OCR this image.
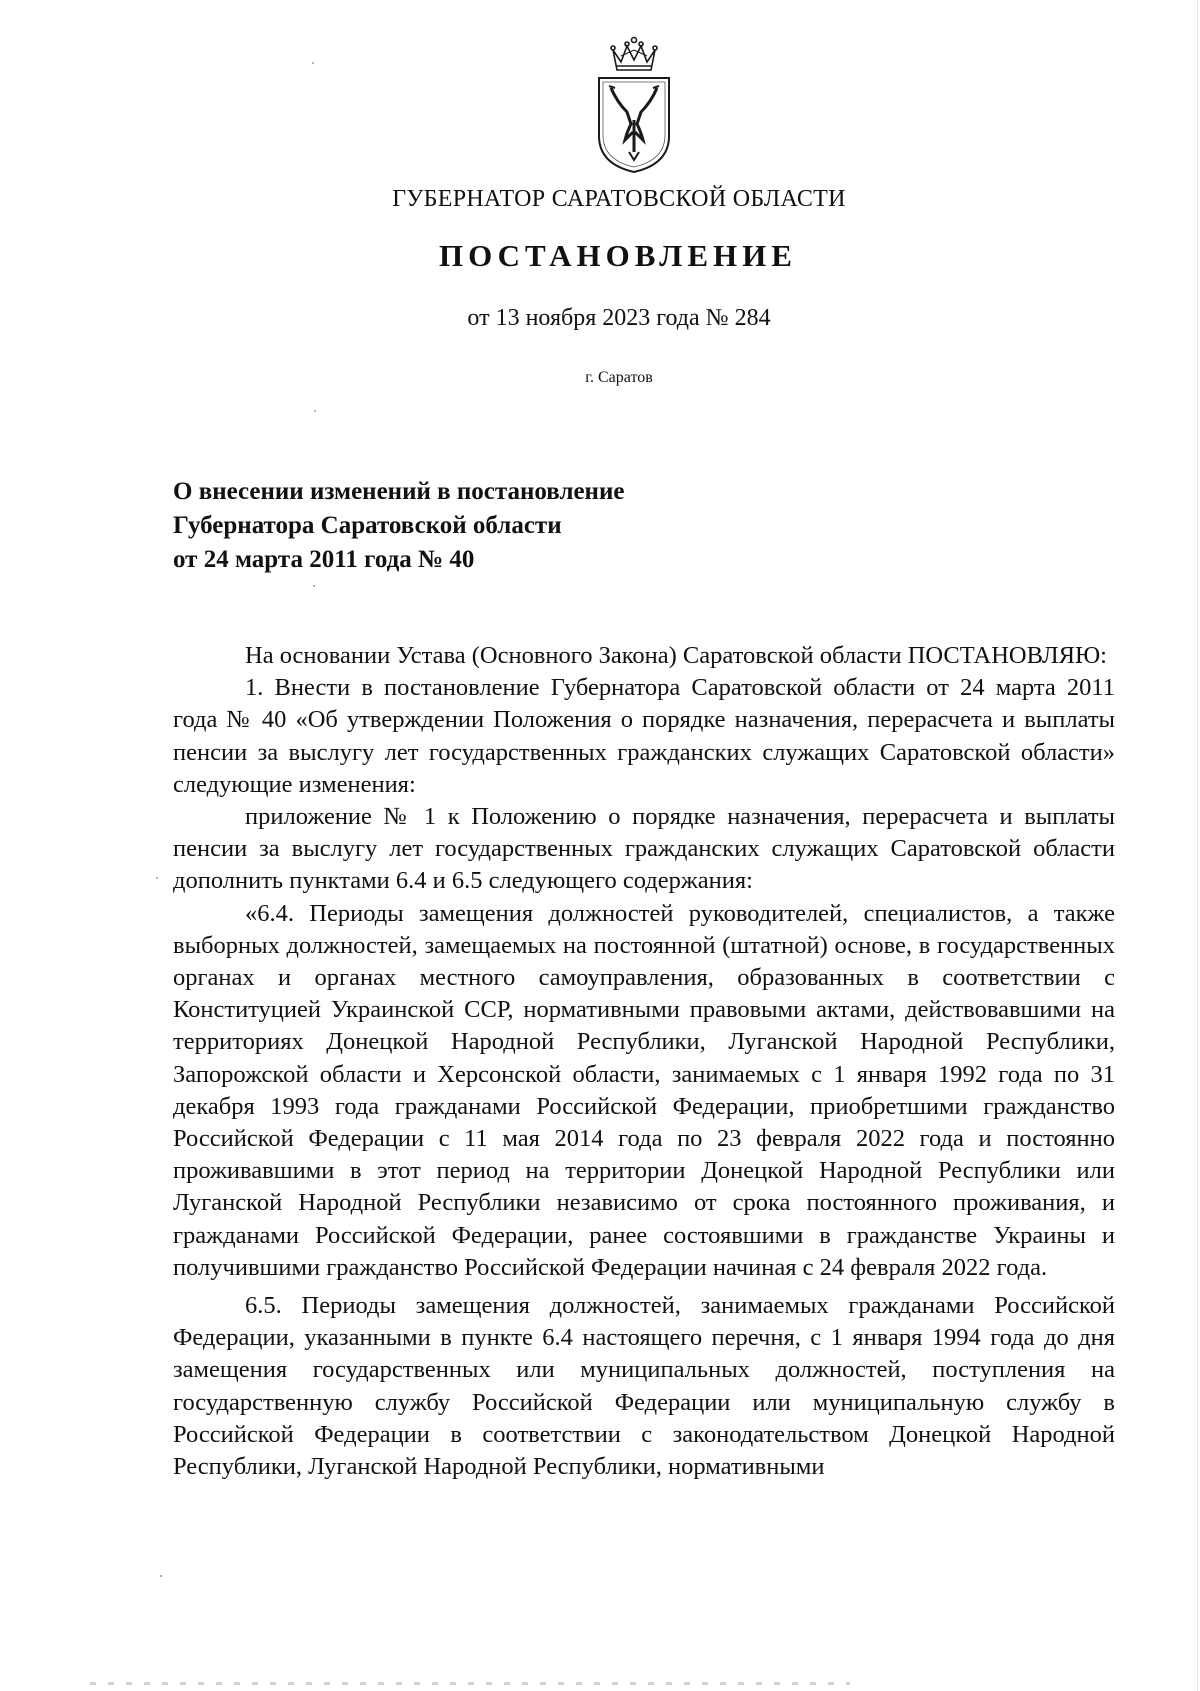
ГУБЕРНАТОР САРАТОВСКОЙ ОБЛАСТИ
ПОСТАНОВЛЕНИЕ
от 13 ноября 2023 года № 284
г. Саратов
О внесении изменений в постановление
Губернатора Саратовской области
от 24 марта 2011 года № 40

На основании Устава (Основного Закона) Саратовской области ПОСТАНОВЛЯЮ:

1. Внести в постановление Губернатора Саратовской области от 24 марта 2011 года № 40 «Об утверждении Положения о порядке назначения, перерасчета и выплаты пенсии за выслугу лет государственных гражданских служащих Саратовской области» следующие изменения:

приложение № 1 к Положению о порядке назначения, перерасчета и выплаты пенсии за выслугу лет государственных гражданских служащих Саратовской области дополнить пунктами 6.4 и 6.5 следующего содержания:

«6.4. Периоды замещения должностей руководителей, специалистов, а также выборных должностей, замещаемых на постоянной (штатной) основе, в государственных органах и органах местного самоуправления, образованных в соответствии с Конституцией Украинской ССР, нормативными правовыми актами, действовавшими на территориях Донецкой Народной Республики, Луганской Народной Республики, Запорожской области и Херсонской области, занимаемых с 1 января 1992 года по 31 декабря 1993 года гражданами Российской Федерации, приобретшими гражданство Российской Федерации с 11 мая 2014 года по 23 февраля 2022 года и постоянно проживавшими в этот период на территории Донецкой Народной Республики или Луганской Народной Республики независимо от срока постоянного проживания, и гражданами Российской Федерации, ранее состоявшими в гражданстве Украины и получившими гражданство Российской Федерации начиная с 24 февраля 2022 года.

6.5. Периоды замещения должностей, занимаемых гражданами Российской Федерации, указанными в пункте 6.4 настоящего перечня, с 1 января 1994 года до дня замещения государственных или муниципальных должностей, поступления на государственную службу Российской Федерации или муниципальную службу в Российской Федерации в соответствии с законодательством Донецкой Народной Республики, Луганской Народной Республики, нормативными
